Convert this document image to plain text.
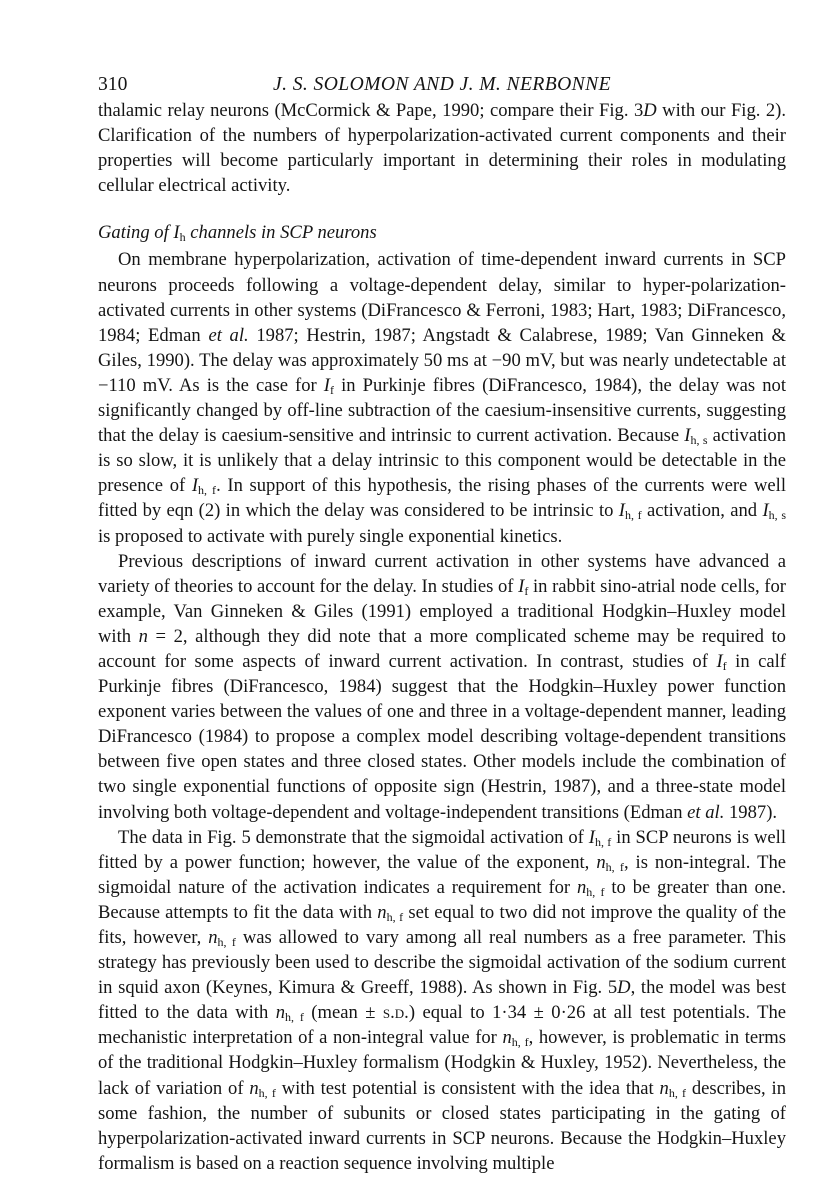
310	J. S. SOLOMON AND J. M. NERBONNE

thalamic relay neurons (McCormick & Pape, 1990; compare their Fig. 3D with our Fig. 2). Clarification of the numbers of hyperpolarization-activated current components and their properties will become particularly important in determining their roles in modulating cellular electrical activity.

Gating of $I_h$ channels in SCP neurons

On membrane hyperpolarization, activation of time-dependent inward currents in SCP neurons proceeds following a voltage-dependent delay, similar to hyper-polarization-activated currents in other systems (DiFrancesco & Ferroni, 1983; Hart, 1983; DiFrancesco, 1984; Edman et al. 1987; Hestrin, 1987; Angstadt & Calabrese, 1989; Van Ginneken & Giles, 1990). The delay was approximately 50 ms at −90 mV, but was nearly undetectable at −110 mV. As is the case for $I_f$ in Purkinje fibres (DiFrancesco, 1984), the delay was not significantly changed by off-line subtraction of the caesium-insensitive currents, suggesting that the delay is caesium-sensitive and intrinsic to current activation. Because $I_{h, s}$ activation is so slow, it is unlikely that a delay intrinsic to this component would be detectable in the presence of $I_{h, f}$. In support of this hypothesis, the rising phases of the currents were well fitted by eqn (2) in which the delay was considered to be intrinsic to $I_{h, f}$ activation, and $I_{h, s}$ is proposed to activate with purely single exponential kinetics.

Previous descriptions of inward current activation in other systems have advanced a variety of theories to account for the delay. In studies of $I_f$ in rabbit sino-atrial node cells, for example, Van Ginneken & Giles (1991) employed a traditional Hodgkin–Huxley model with n = 2, although they did note that a more complicated scheme may be required to account for some aspects of inward current activation. In contrast, studies of $I_f$ in calf Purkinje fibres (DiFrancesco, 1984) suggest that the Hodgkin–Huxley power function exponent varies between the values of one and three in a voltage-dependent manner, leading DiFrancesco (1984) to propose a complex model describing voltage-dependent transitions between five open states and three closed states. Other models include the combination of two single exponential functions of opposite sign (Hestrin, 1987), and a three-state model involving both voltage-dependent and voltage-independent transitions (Edman et al. 1987).

The data in Fig. 5 demonstrate that the sigmoidal activation of $I_{h, f}$ in SCP neurons is well fitted by a power function; however, the value of the exponent, $n_{h, f}$, is non-integral. The sigmoidal nature of the activation indicates a requirement for $n_{h, f}$ to be greater than one. Because attempts to fit the data with $n_{h, f}$ set equal to two did not improve the quality of the fits, however, $n_{h, f}$ was allowed to vary among all real numbers as a free parameter. This strategy has previously been used to describe the sigmoidal activation of the sodium current in squid axon (Keynes, Kimura & Greeff, 1988). As shown in Fig. 5D, the model was best fitted to the data with $n_{h, f}$ (mean ± s.d.) equal to 1·34 ± 0·26 at all test potentials. The mechanistic interpretation of a non-integral value for $n_{h, f}$, however, is problematic in terms of the traditional Hodgkin–Huxley formalism (Hodgkin & Huxley, 1952). Nevertheless, the lack of variation of $n_{h, f}$ with test potential is consistent with the idea that $n_{h, f}$ describes, in some fashion, the number of subunits or closed states participating in the gating of hyperpolarization-activated inward currents in SCP neurons. Because the Hodgkin–Huxley formalism is based on a reaction sequence involving multiple
